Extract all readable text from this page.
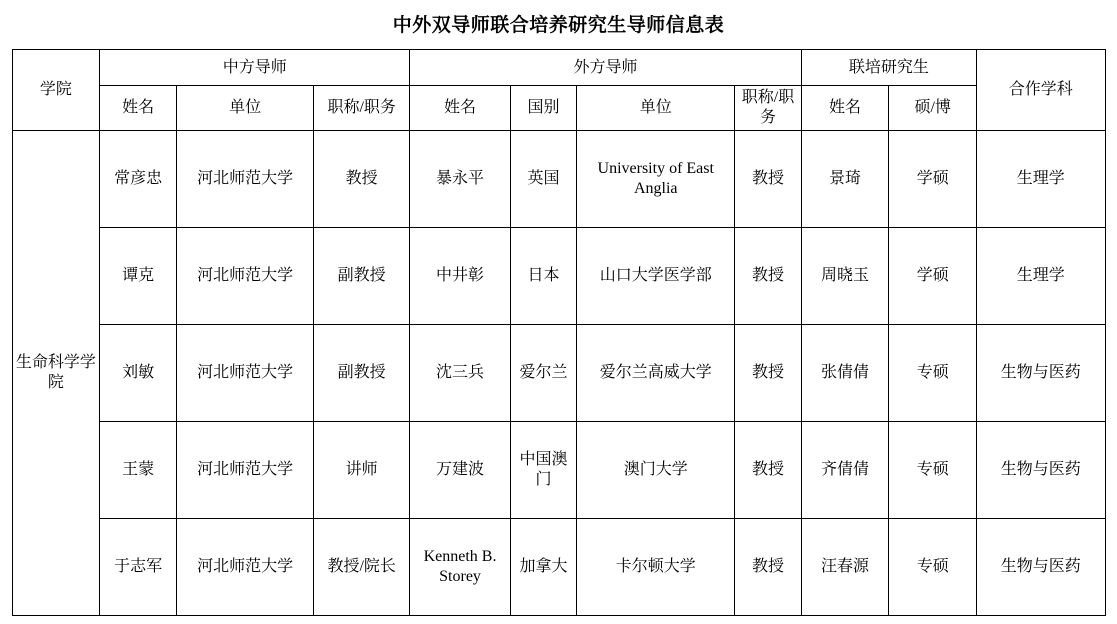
中外双导师联合培养研究生导师信息表
学院	中方导师			外方导师				联培研究生		合作学科
	姓名	单位	职称/职务	姓名	国别	单位	职称/职务	姓名	硕/博	
生命科学学院	常彦忠	河北师范大学	教授	暴永平	英国	University of East Anglia	教授	景琦	学硕	生理学
	谭克	河北师范大学	副教授	中井彰	日本	山口大学医学部	教授	周晓玉	学硕	生理学
	刘敏	河北师范大学	副教授	沈三兵	爱尔兰	爱尔兰高威大学	教授	张倩倩	专硕	生物与医药
	王蒙	河北师范大学	讲师	万建波	中国澳门	澳门大学	教授	齐倩倩	专硕	生物与医药
	于志军	河北师范大学	教授/院长	Kenneth B. Storey	加拿大	卡尔顿大学	教授	汪春源	专硕	生物与医药
